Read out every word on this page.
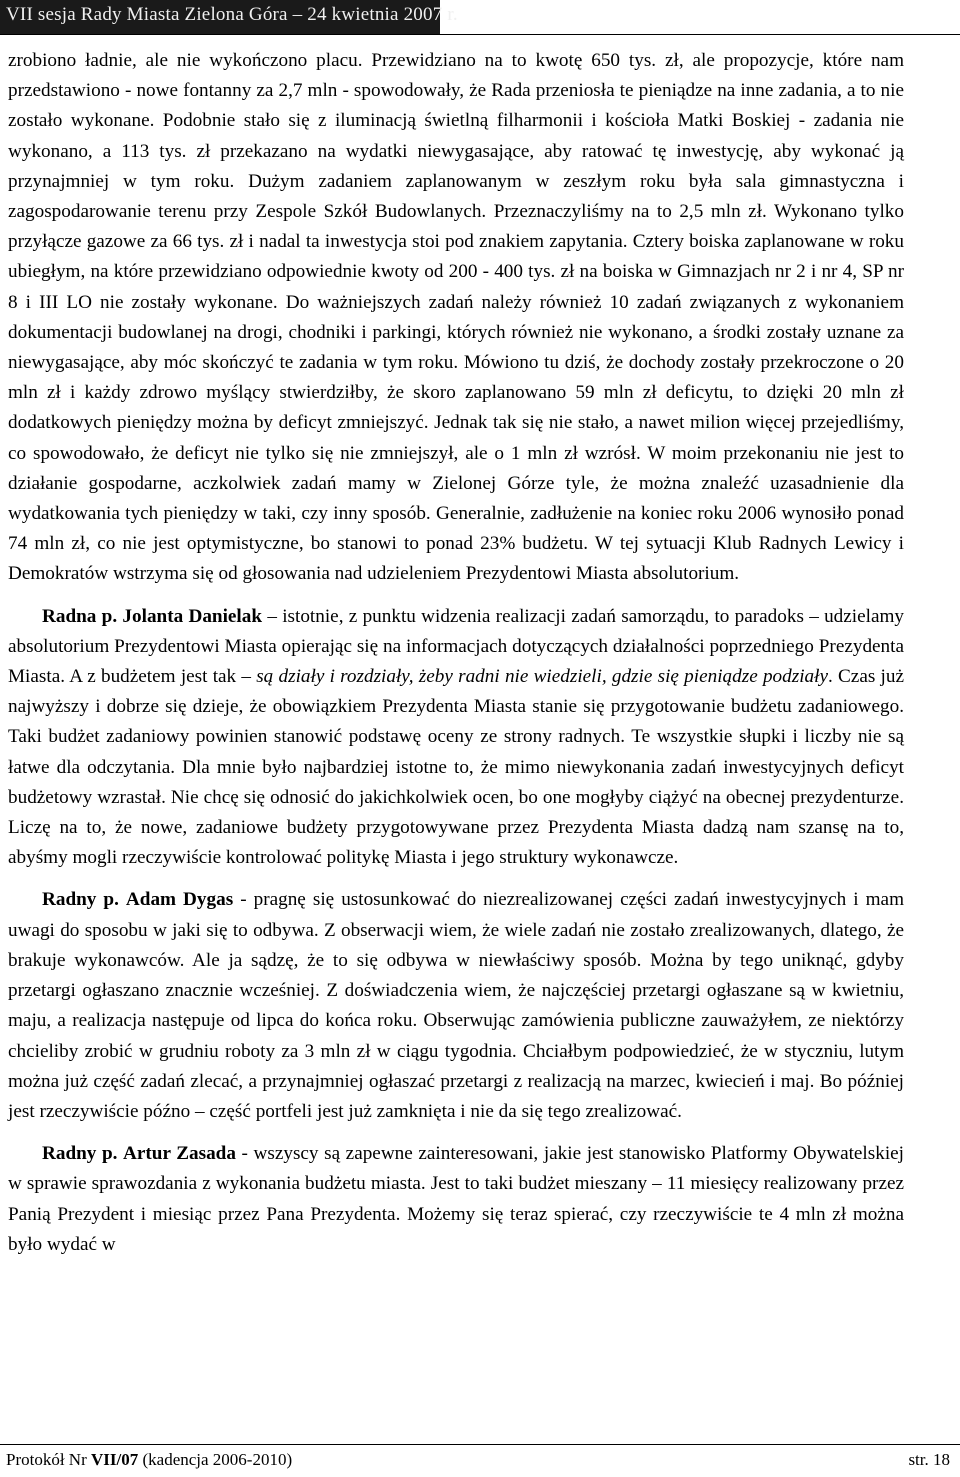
VII sesja Rady Miasta Zielona Góra – 24 kwietnia 2007 r.

zrobiono ładnie, ale nie wykończono placu. Przewidziano na to kwotę 650 tys. zł, ale propozycje, które nam przedstawiono - nowe fontanny za 2,7 mln - spowodowały, że Rada przeniosła te pieniądze na inne zadania, a to nie zostało wykonane. Podobnie stało się z iluminacją świetlną filharmonii i kościoła Matki Boskiej - zadania nie wykonano, a 113 tys. zł przekazano na wydatki niewygasające, aby ratować tę inwestycję, aby wykonać ją przynajmniej w tym roku. Dużym zadaniem zaplanowanym w zeszłym roku była sala gimnastyczna i zagospodarowanie terenu przy Zespole Szkół Budowlanych. Przeznaczyliśmy na to 2,5 mln zł. Wykonano tylko przyłącze gazowe za 66 tys. zł i nadal ta inwestycja stoi pod znakiem zapytania. Cztery boiska zaplanowane w roku ubiegłym, na które przewidziano odpowiednie kwoty od 200 - 400 tys. zł na boiska w Gimnazjach nr 2 i nr 4, SP nr 8 i III LO nie zostały wykonane. Do ważniejszych zadań należy również 10 zadań związanych z wykonaniem dokumentacji budowlanej na drogi, chodniki i parkingi, których również nie wykonano, a środki zostały uznane za niewygasające, aby móc skończyć te zadania w tym roku. Mówiono tu dziś, że dochody zostały przekroczone o 20 mln zł i każdy zdrowo myślący stwierdziłby, że skoro zaplanowano 59 mln zł deficytu, to dzięki 20 mln zł dodatkowych pieniędzy można by deficyt zmniejszyć. Jednak tak się nie stało, a nawet milion więcej przejedliśmy, co spowodowało, że deficyt nie tylko się nie zmniejszył, ale o 1 mln zł wzrósł. W moim przekonaniu nie jest to działanie gospodarne, aczkolwiek zadań mamy w Zielonej Górze tyle, że można znaleźć uzasadnienie dla wydatkowania tych pieniędzy w taki, czy inny sposób. Generalnie, zadłużenie na koniec roku 2006 wynosiło ponad 74 mln zł, co nie jest optymistyczne, bo stanowi to ponad 23% budżetu. W tej sytuacji Klub Radnych Lewicy i Demokratów wstrzyma się od głosowania nad udzieleniem Prezydentowi Miasta absolutorium.

Radna p. Jolanta Danielak – istotnie, z punktu widzenia realizacji zadań samorządu, to paradoks – udzielamy absolutorium Prezydentowi Miasta opierając się na informacjach dotyczących działalności poprzedniego Prezydenta Miasta. A z budżetem jest tak – są działy i rozdziały, żeby radni nie wiedzieli, gdzie się pieniądze podziały. Czas już najwyższy i dobrze się dzieje, że obowiązkiem Prezydenta Miasta stanie się przygotowanie budżetu zadaniowego. Taki budżet zadaniowy powinien stanowić podstawę oceny ze strony radnych. Te wszystkie słupki i liczby nie są łatwe dla odczytania. Dla mnie było najbardziej istotne to, że mimo niewykonania zadań inwestycyjnych deficyt budżetowy wzrastał. Nie chcę się odnosić do jakichkolwiek ocen, bo one mogłyby ciążyć na obecnej prezydenturze. Liczę na to, że nowe, zadaniowe budżety przygotowywane przez Prezydenta Miasta dadzą nam szansę na to, abyśmy mogli rzeczywiście kontrolować politykę Miasta i jego struktury wykonawcze.

Radny p. Adam Dygas - pragnę się ustosunkować do niezrealizowanej części zadań inwestycyjnych i mam uwagi do sposobu w jaki się to odbywa. Z obserwacji wiem, że wiele zadań nie zostało zrealizowanych, dlatego, że brakuje wykonawców. Ale ja sądzę, że to się odbywa w niewłaściwy sposób. Można by tego uniknąć, gdyby przetargi ogłaszano znacznie wcześniej. Z doświadczenia wiem, że najczęściej przetargi ogłaszane są w kwietniu, maju, a realizacja następuje od lipca do końca roku. Obserwując zamówienia publiczne zauważyłem, ze niektórzy chcieliby zrobić w grudniu roboty za 3 mln zł w ciągu tygodnia. Chciałbym podpowiedzieć, że w styczniu, lutym można już część zadań zlecać, a przynajmniej ogłaszać przetargi z realizacją na marzec, kwiecień i maj. Bo później jest rzeczywiście późno – część portfeli jest już zamknięta i nie da się tego zrealizować.

Radny p. Artur Zasada - wszyscy są zapewne zainteresowani, jakie jest stanowisko Platformy Obywatelskiej w sprawie sprawozdania z wykonania budżetu miasta. Jest to taki budżet mieszany – 11 miesięcy realizowany przez Panią Prezydent i miesiąc przez Pana Prezydenta. Możemy się teraz spierać, czy rzeczywiście te 4 mln zł można było wydać w

Protokół Nr VII/07 (kadencja 2006-2010)	str. 18
